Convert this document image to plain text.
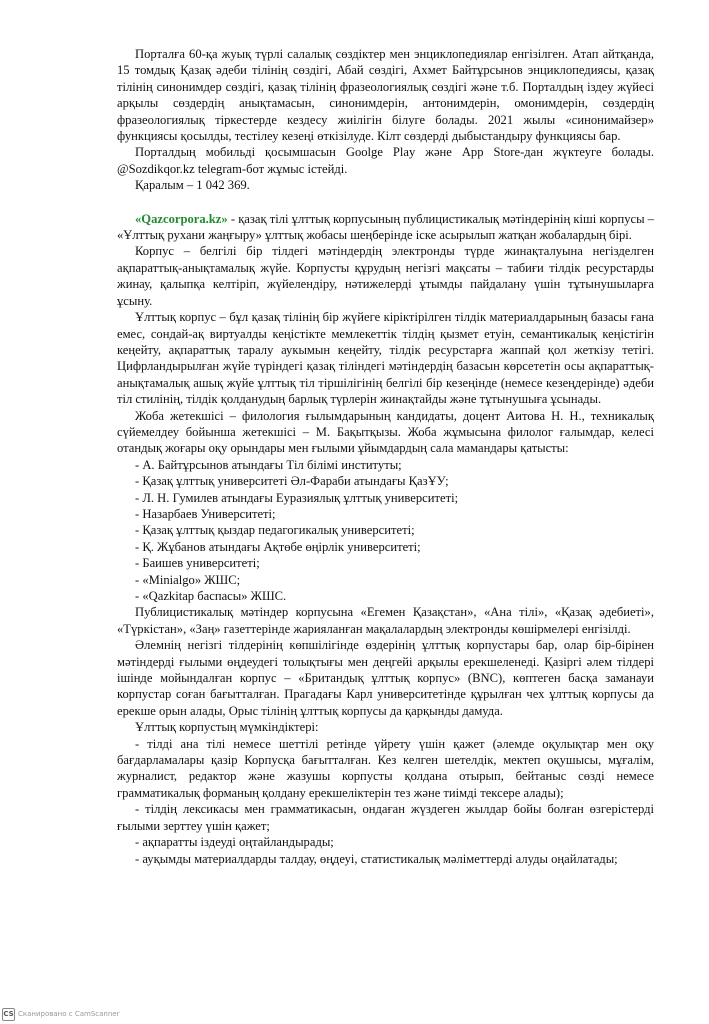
Порталға 60-қа жуық түрлі салалық сөздіктер мен энциклопедиялар енгізілген. Атап айтқанда, 15 томдық Қазақ әдеби тілінің сөздігі, Абай сөздігі, Ахмет Байтұрсынов энциклопедиясы, қазақ тілінің синонимдер сөздігі, қазақ тілінің фразеологиялық сөздігі және т.б. Порталдың іздеу жүйесі арқылы сөздердің анықтамасын, синонимдерін, антонимдерін, омонимдерін, сөздердің фразеологиялық тіркестерде кездесу жиілігін білуге болады. 2021 жылы «синонимайзер» функциясы қосылды, тестілеу кезеңі өткізілуде. Кілт сөздерді дыбыстандыру функциясы бар.

Порталдың мобильді қосымшасын Goolge Play және App Store-дан жүктеуге болады. @Sozdikqor.kz telegram-бот жұмыс істейді.

Қаралым – 1 042 369.

«Qazcorpora.kz» - қазақ тілі ұлттық корпусының публицистикалық мәтіндерінің кіші корпусы – «Ұлттық рухани жаңғыру» ұлттық жобасы шеңберінде іске асырылып жатқан жобалардың бірі.

Корпус – белгілі бір тілдегі мәтіндердің электронды түрде жинақталуына негізделген ақпараттық-анықтамалық жүйе. Корпусты құрудың негізгі мақсаты – табиғи тілдік ресурстарды жинау, қалыпқа келтіріп, жүйелендіру, нәтижелерді ұтымды пайдалану үшін тұтынушыларға ұсыну.

Ұлттық корпус – бұл қазақ тілінің бір жүйеге кіріктірілген тілдік материалдарының базасы ғана емес, сондай-ақ виртуалды кеңістікте мемлекеттік тілдің қызмет етуін, семантикалық кеңістігін кеңейту, ақпараттық таралу аукымын кеңейту, тілдік ресурстарға жаппай қол жеткізу тетігі. Цифрландырылған жүйе түріндегі қазақ тіліндегі мәтіндердің базасын көрсететін осы ақпараттық-анықтамалық ашық жүйе ұлттық тіл тіршілігінің белгілі бір кезеңінде (немесе кезеңдерінде) әдеби тіл стилінің, тілдік қолданудың барлық түрлерін жинақтайды және тұтынушыға ұсынады.

Жоба жетекшісі – филология ғылымдарының кандидаты, доцент Аитова Н. Н., техникалық сүйемелдеу бойынша жетекшісі – М. Бақытқызы. Жоба жұмысына филолог ғалымдар, келесі отандық жоғары оқу орындары мен ғылыми ұйымдардың сала мамандары қатысты:

- А. Байтұрсынов атындағы Тіл білімі институты;
- Қазақ ұлттық университеті Әл-Фараби атындағы ҚазҰУ;
- Л. Н. Гумилев атындағы Еуразиялық ұлттық университеті;
- Назарбаев Университеті;
- Қазақ ұлттық қыздар педагогикалық университеті;
- Қ. Жұбанов атындағы Ақтөбе өңірлік университеті;
- Баишев университеті;
- «Minialgo» ЖШС;
- «Qazkitap баспасы» ЖШС.

Публицистикалық мәтіндер корпусына «Егемен Қазақстан», «Ана тілі», «Қазақ әдебиеті», «Түркістан», «Заң» газеттерінде жарияланған мақалалардың электронды көшірмелері енгізілді.

Әлемнің негізгі тілдерінің көпшілігінде өздерінің ұлттық корпустары бар, олар бір-бірінен мәтіндерді ғылыми өңдеудегі толықтығы мен деңгейі арқылы ерекшеленеді. Қазіргі әлем тілдері ішінде мойындалған корпус – «Британдық ұлттық корпус» (BNC), көптеген басқа заманауи корпустар соған бағытталған. Прагадағы Карл университетінде құрылған чех ұлттық корпусы да ерекше орын алады, Орыс тілінің ұлттық корпусы да қарқынды дамуда.

Ұлттық корпустың мүмкіндіктері:

- тілді ана тілі немесе шеттілі ретінде үйрету үшін қажет (әлемде оқулықтар мен оқу бағдарламалары қазір Корпусқа бағытталған. Кез келген шетелдік, мектеп оқушысы, мұғалім, журналист, редактор және жазушы корпусты қолдана отырып, бейтаныс сөзді немесе грамматикалық форманың қолдану ерекшеліктерін тез және тиімді тексере алады);

- тілдің лексикасы мен грамматикасын, ондаған жүздеген жылдар бойы болған өзгерістерді ғылыми зерттеу үшін қажет;

- ақпаратты іздеуді оңтайландырады;

- ауқымды материалдарды талдау, өңдеуі, статистикалық мәліметтерді алуды оңайлатады;

CS Сканировано с CamScanner
